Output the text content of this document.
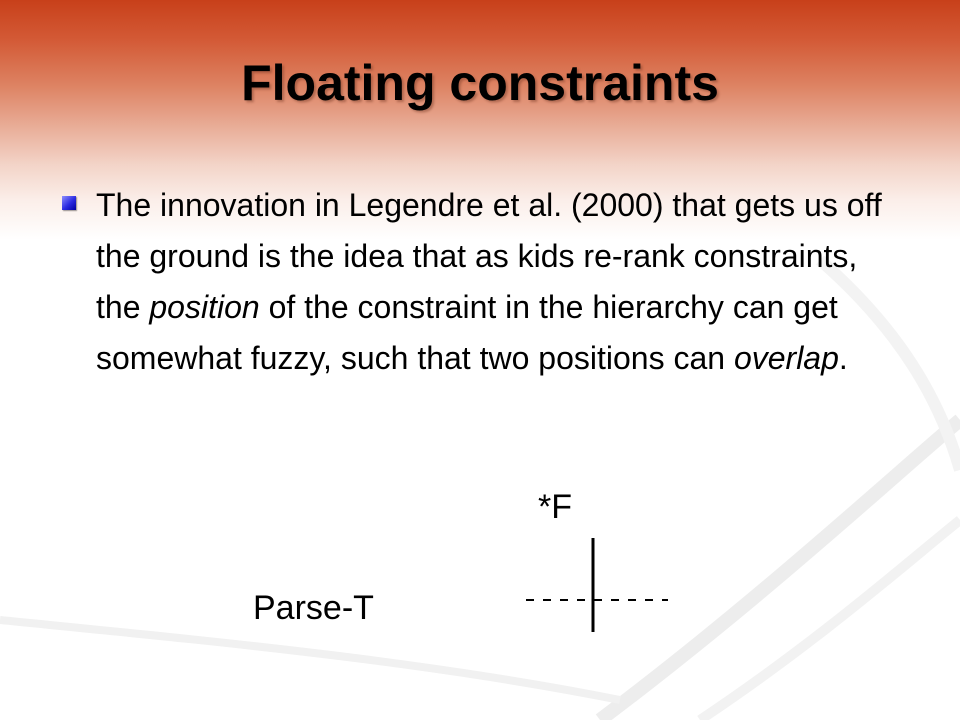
Floating constraints
The innovation in Legendre et al. (2000) that gets us off the ground is the idea that as kids re-rank constraints, the position of the constraint in the hierarchy can get somewhat fuzzy, such that two positions can overlap.
*F
Parse-T
